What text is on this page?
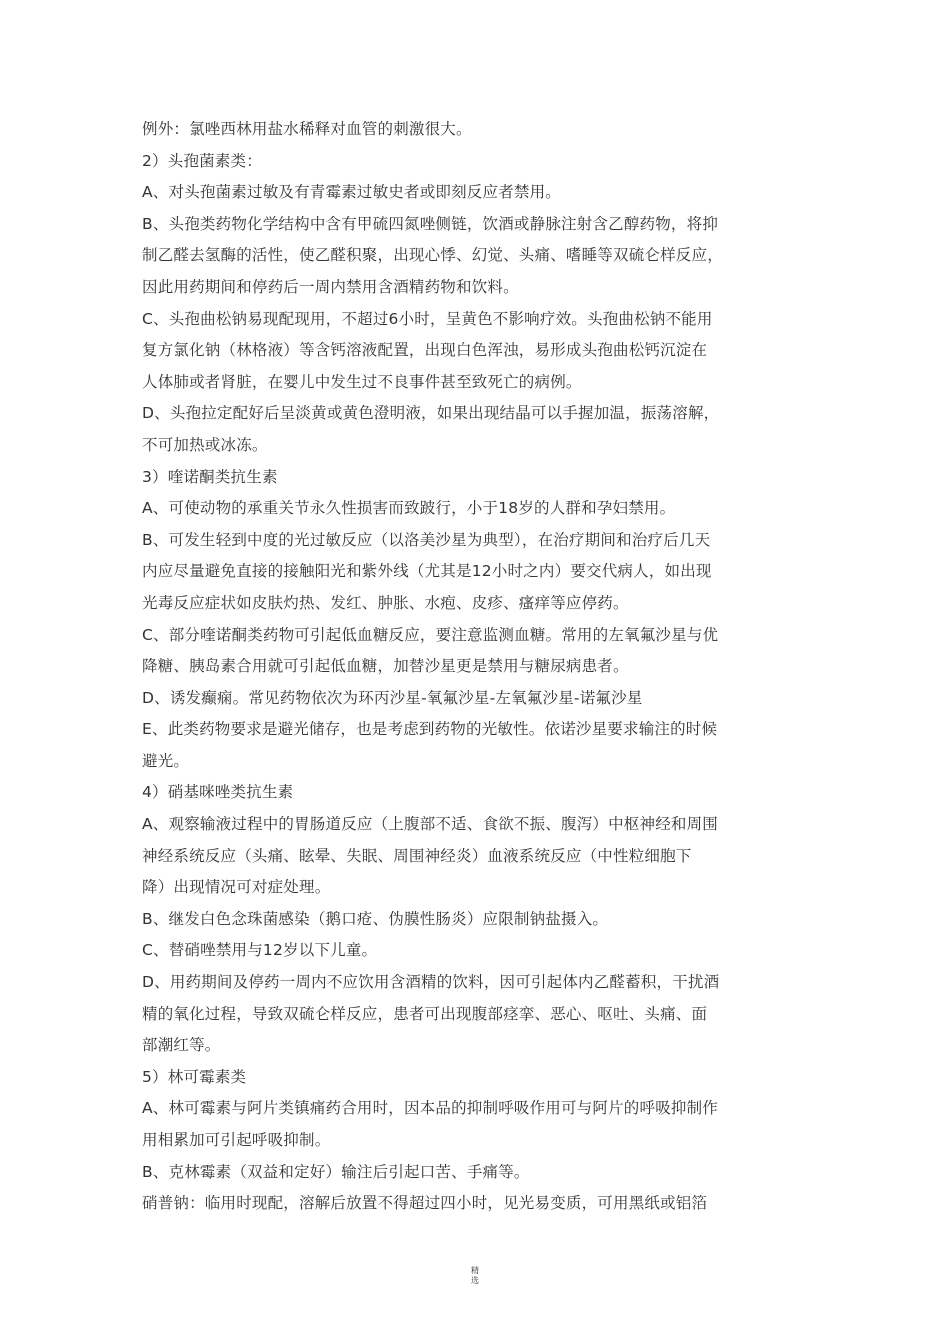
例外：氯唑西林用盐水稀释对血管的刺激很大。
2）头孢菌素类：
A、对头孢菌素过敏及有青霉素过敏史者或即刻反应者禁用。
B、头孢类药物化学结构中含有甲硫四氮唑侧链，饮酒或静脉注射含乙醇药物，将抑
制乙醛去氢酶的活性，使乙醛积聚，出现心悸、幻觉、头痛、嗜睡等双硫仑样反应，
因此用药期间和停药后一周内禁用含酒精药物和饮料。
C、头孢曲松钠易现配现用，不超过6小时，呈黄色不影响疗效。头孢曲松钠不能用
复方氯化钠（林格液）等含钙溶液配置，出现白色浑浊，易形成头孢曲松钙沉淀在
人体肺或者肾脏，在婴儿中发生过不良事件甚至致死亡的病例。
D、头孢拉定配好后呈淡黄或黄色澄明液，如果出现结晶可以手握加温，振荡溶解，
不可加热或冰冻。
3）喹诺酮类抗生素
A、可使动物的承重关节永久性损害而致跛行，小于18岁的人群和孕妇禁用。
B、可发生轻到中度的光过敏反应（以洛美沙星为典型），在治疗期间和治疗后几天
内应尽量避免直接的接触阳光和紫外线（尤其是12小时之内）要交代病人，如出现
光毒反应症状如皮肤灼热、发红、肿胀、水疱、皮疹、瘙痒等应停药。
C、部分喹诺酮类药物可引起低血糖反应，要注意监测血糖。常用的左氧氟沙星与优
降糖、胰岛素合用就可引起低血糖，加替沙星更是禁用与糖尿病患者。
D、诱发癫痫。常见药物依次为环丙沙星-氧氟沙星-左氧氟沙星-诺氟沙星
E、此类药物要求是避光储存，也是考虑到药物的光敏性。依诺沙星要求输注的时候
避光。
4）硝基咪唑类抗生素
A、观察输液过程中的胃肠道反应（上腹部不适、食欲不振、腹泻）中枢神经和周围
神经系统反应（头痛、眩晕、失眠、周围神经炎）血液系统反应（中性粒细胞下
降）出现情况可对症处理。
B、继发白色念珠菌感染（鹅口疮、伪膜性肠炎）应限制钠盐摄入。
C、替硝唑禁用与12岁以下儿童。
D、用药期间及停药一周内不应饮用含酒精的饮料，因可引起体内乙醛蓄积，干扰酒
精的氧化过程，导致双硫仑样反应，患者可出现腹部痉挛、恶心、呕吐、头痛、面
部潮红等。
5）林可霉素类
A、林可霉素与阿片类镇痛药合用时，因本品的抑制呼吸作用可与阿片的呼吸抑制作
用相累加可引起呼吸抑制。
B、克林霉素（双益和定好）输注后引起口苦、手痛等。
硝普钠：临用时现配，溶解后放置不得超过四小时，见光易变质，可用黑纸或铝箔
精
选
